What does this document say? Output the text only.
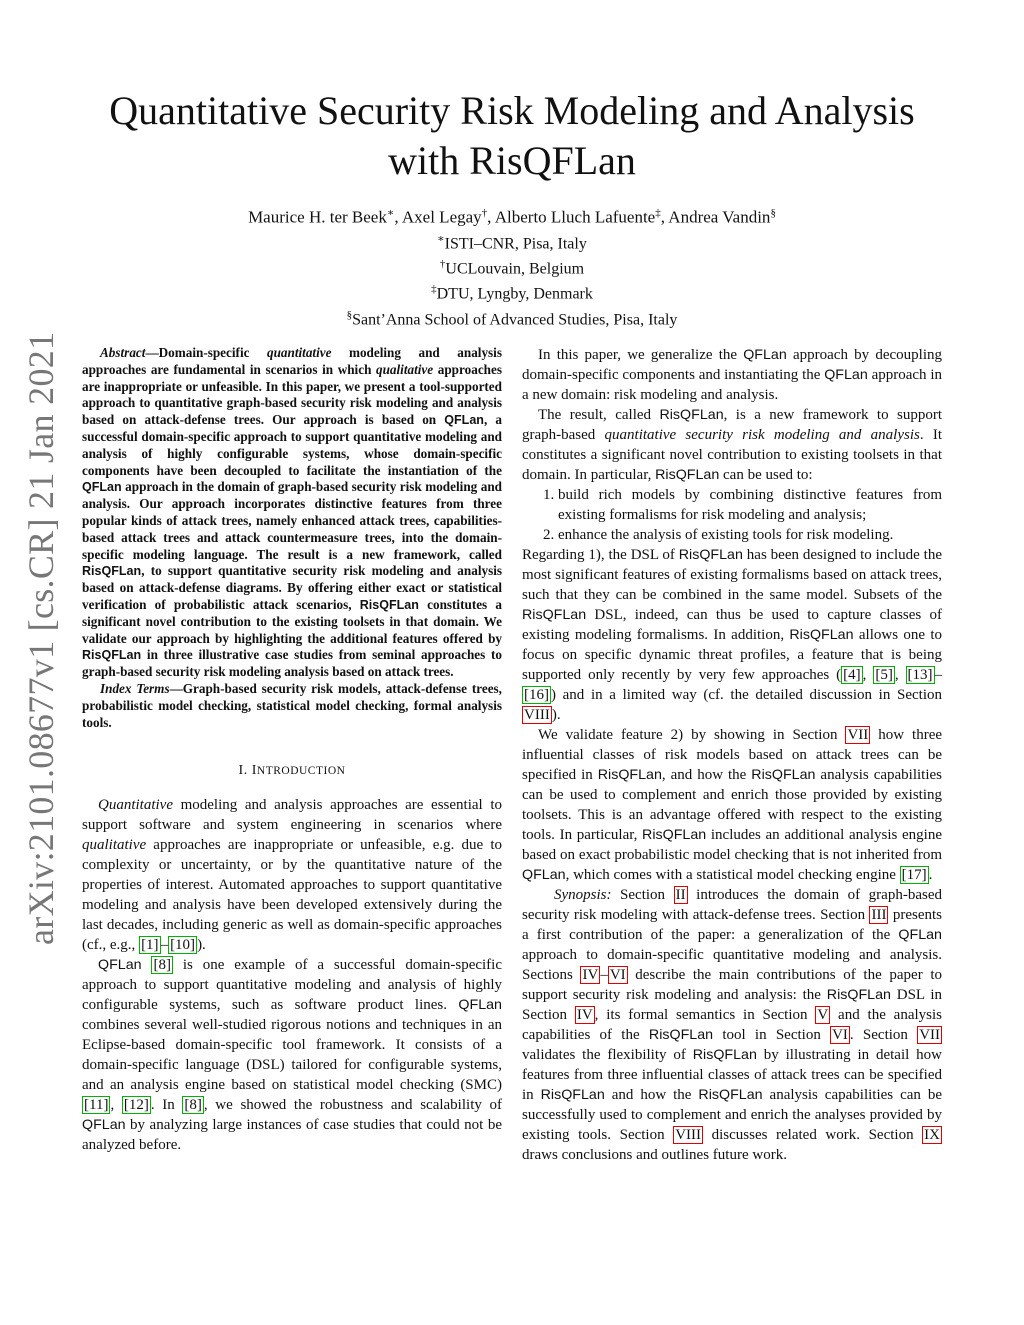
arXiv:2101.08677v1 [cs.CR] 21 Jan 2021
Quantitative Security Risk Modeling and Analysis
with RisQFLan
Maurice H. ter Beek∗, Axel Legay†, Alberto Lluch Lafuente‡, Andrea Vandin§
∗ISTI–CNR, Pisa, Italy
†UCLouvain, Belgium
‡DTU, Lyngby, Denmark
§Sant’Anna School of Advanced Studies, Pisa, Italy

Abstract—Domain-specific quantitative modeling and analysis approaches are fundamental in scenarios in which qualitative approaches are inappropriate or unfeasible. In this paper, we present a tool-supported approach to quantitative graph-based security risk modeling and analysis based on attack-defense trees. Our approach is based on QFLan, a successful domain-specific approach to support quantitative modeling and analysis of highly configurable systems, whose domain-specific components have been decoupled to facilitate the instantiation of the QFLan approach in the domain of graph-based security risk modeling and analysis. Our approach incorporates distinctive features from three popular kinds of attack trees, namely enhanced attack trees, capabilities-based attack trees and attack countermeasure trees, into the domain-specific modeling language. The result is a new framework, called RisQFLan, to support quantitative security risk modeling and analysis based on attack-defense diagrams. By offering either exact or statistical verification of probabilistic attack scenarios, RisQFLan constitutes a significant novel contribution to the existing toolsets in that domain. We validate our approach by highlighting the additional features offered by RisQFLan in three illustrative case studies from seminal approaches to graph-based security risk modeling analysis based on attack trees.

Index Terms—Graph-based security risk models, attack-defense trees, probabilistic model checking, statistical model checking, formal analysis tools.

I. INTRODUCTION

Quantitative modeling and analysis approaches are essential to support software and system engineering in scenarios where qualitative approaches are inappropriate or unfeasible, e.g. due to complexity or uncertainty, or by the quantitative nature of the properties of interest. Automated approaches to support quantitative modeling and analysis have been developed extensively during the last decades, including generic as well as domain-specific approaches (cf., e.g., [1] – [10] ).

QFLan [8] is one example of a successful domain-specific approach to support quantitative modeling and analysis of highly configurable systems, such as software product lines. QFLan combines several well-studied rigorous notions and techniques in an Eclipse-based domain-specific tool framework. It consists of a domain-specific language (DSL) tailored for configurable systems, and an analysis engine based on statistical model checking (SMC) [11] , [12] . In [8] , we showed the robustness and scalability of QFLan by analyzing large instances of case studies that could not be analyzed before.

In this paper, we generalize the QFLan approach by decoupling domain-specific components and instantiating the QFLan approach in a new domain: risk modeling and analysis.

The result, called RisQFLan, is a new framework to support graph-based quantitative security risk modeling and analysis. It constitutes a significant novel contribution to existing toolsets in that domain. In particular, RisQFLan can be used to:

1. build rich models by combining distinctive features from existing formalisms for risk modeling and analysis;
2. enhance the analysis of existing tools for risk modeling.

Regarding 1), the DSL of RisQFLan has been designed to include the most significant features of existing formalisms based on attack trees, such that they can be combined in the same model. Subsets of the RisQFLan DSL, indeed, can thus be used to capture classes of existing modeling formalisms. In addition, RisQFLan allows one to focus on specific dynamic threat profiles, a feature that is being supported only recently by very few approaches ( [4] , [5] , [13] –[16] ) and in a limited way (cf. the detailed discussion in Section VIII ).

We validate feature 2) by showing in Section VII how three influential classes of risk models based on attack trees can be specified in RisQFLan, and how the RisQFLan analysis capabilities can be used to complement and enrich those provided by existing toolsets. This is an advantage offered with respect to the existing tools. In particular, RisQFLan includes an additional analysis engine based on exact probabilistic model checking that is not inherited from QFLan, which comes with a statistical model checking engine [17] .

Synopsis: Section II introduces the domain of graph-based security risk modeling with attack-defense trees. Section III presents a first contribution of the paper: a generalization of the QFLan approach to domain-specific quantitative modeling and analysis. Sections IV – VI describe the main contributions of the paper to support security risk modeling and analysis: the RisQFLan DSL in Section IV , its formal semantics in Section V and the analysis capabilities of the RisQFLan tool in Section VI . Section VII validates the flexibility of RisQFLan by illustrating in detail how features from three influential classes of attack trees can be specified in RisQFLan and how the RisQFLan analysis capabilities can be successfully used to complement and enrich the analyses provided by existing tools. Section VIII discusses related work. Section IX draws conclusions and outlines future work.
